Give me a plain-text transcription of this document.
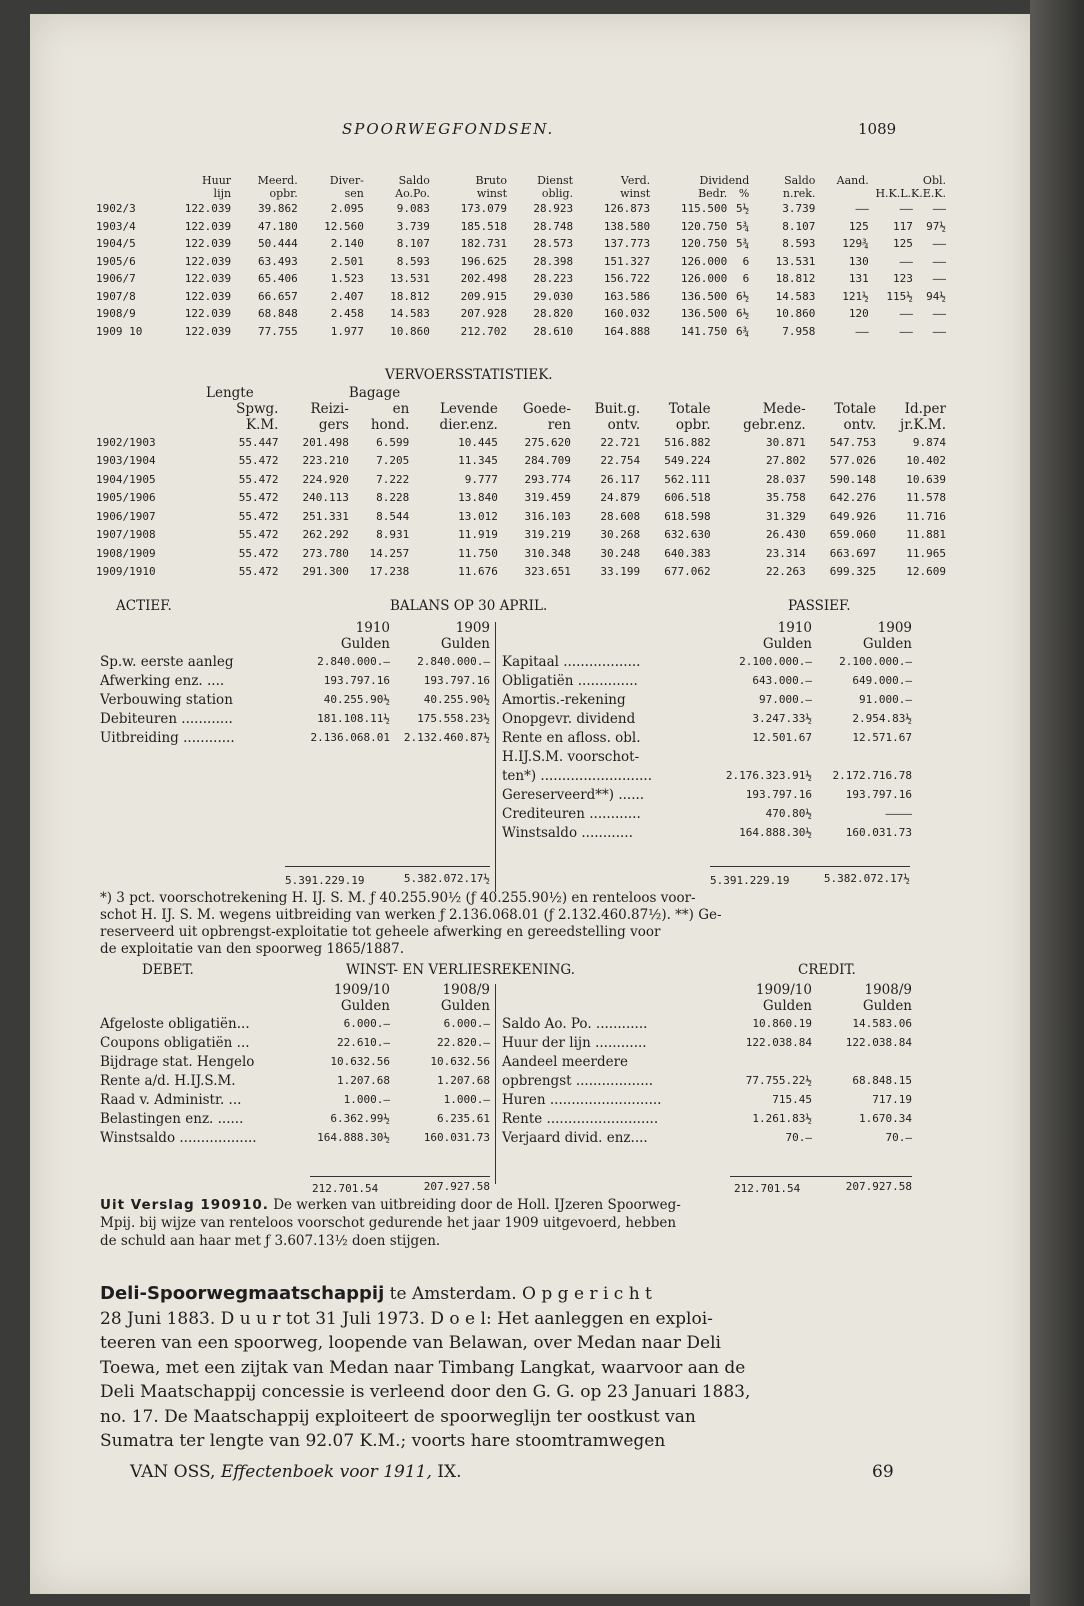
SPOORWEGFONDSEN.	1089
	Huur	Meerd.	Diver-	Saldo	Bruto	Dienst	Verd.	Dividend		Saldo	Aand.	Obl.	
	lijn	opbr.	sen	Ao.Po.	winst	oblig.	winst	Bedr.	%	n.rek.	H.K.L.K.E.K.		
1902/3	122.039	39.862	2.095	9.083	173.079	28.923	126.873	115.500	5½	3.739	——	——	——
1903/4	122.039	47.180	12.560	3.739	185.518	28.748	138.580	120.750	5¾	8.107	125	117	97½
1904/5	122.039	50.444	2.140	8.107	182.731	28.573	137.773	120.750	5¾	8.593	129¾	125	——
1905/6	122.039	63.493	2.501	8.593	196.625	28.398	151.327	126.000	6	13.531	130	——	——
1906/7	122.039	65.406	1.523	13.531	202.498	28.223	156.722	126.000	6	18.812	131	123	——
1907/8	122.039	66.657	2.407	18.812	209.915	29.030	163.586	136.500	6½	14.583	121½	115½	94½
1908/9	122.039	68.848	2.458	14.583	207.928	28.820	160.032	136.500	6½	10.860	120	——	——
1909 10	122.039	77.755	1.977	10.860	212.702	28.610	164.888	141.750	6¾	7.958	——	——	——
VERVOERSSTATISTIEK.
	Lengte		Bagage							
	Spwg.	Reizi-	en	Levende	Goede-	Buit.g.	Totale	Mede-	Totale	Id.per
	K.M.	gers	hond.	dier.enz.	ren	ontv.	opbr.	gebr.enz.	ontv.	jr.K.M.
1902/1903	55.447	201.498	6.599	10.445	275.620	22.721	516.882	30.871	547.753	9.874
1903/1904	55.472	223.210	7.205	11.345	284.709	22.754	549.224	27.802	577.026	10.402
1904/1905	55.472	224.920	7.222	9.777	293.774	26.117	562.111	28.037	590.148	10.639
1905/1906	55.472	240.113	8.228	13.840	319.459	24.879	606.518	35.758	642.276	11.578
1906/1907	55.472	251.331	8.544	13.012	316.103	28.608	618.598	31.329	649.926	11.716
1907/1908	55.472	262.292	8.931	11.919	319.219	30.268	632.630	26.430	659.060	11.881
1908/1909	55.472	273.780	14.257	11.750	310.348	30.248	640.383	23.314	663.697	11.965
1909/1910	55.472	291.300	17.238	11.676	323.651	33.199	677.062	22.263	699.325	12.609
ACTIEF.	BALANS OP 30 APRIL.	PASSIEF.
	1910	1909
	Gulden	Gulden
Sp.w. eerste aanleg	2.840.000.—	2.840.000.—
Afwerking enz. ....	193.797.16	193.797.16
Verbouwing station	40.255.90½	40.255.90½
Debiteuren ............	181.108.11½	175.558.23½
Uitbreiding ............	2.136.068.01	2.132.460.87½
	1910	1909
	Gulden	Gulden
Kapitaal ..................	2.100.000.—	2.100.000.—
Obligatiën ..............	643.000.—	649.000.—
Amortis.-rekening	97.000.—	91.000.—
Onopgevr. dividend	3.247.33½	2.954.83½
Rente en afloss. obl.	12.501.67	12.571.67
H.IJ.S.M. voorschot-		
ten*) ..........................	2.176.323.91½	2.172.716.78
Gereserveerd**) ......	193.797.16	193.797.16
Crediteuren ............	470.80½	————
Winstsaldo ............	164.888.30½	160.031.73
5.391.229.19	5.382.072.17½	5.391.229.19	5.382.072.17½
*) 3 pct. voorschotrekening H. IJ. S. M. ƒ 40.255.90½ (ƒ 40.255.90½) en renteloos voor-
schot H. IJ. S. M. wegens uitbreiding van werken ƒ 2.136.068.01 (ƒ 2.132.460.87½). **) Ge-
reserveerd uit opbrengst-exploitatie tot geheele afwerking en gereedstelling voor
de exploitatie van den spoorweg 1865/1887.
DEBET.	WINST- EN VERLIESREKENING.	CREDIT.
	1909/10	1908/9
	Gulden	Gulden
Afgeloste obligatiën...	6.000.—	6.000.—
Coupons obligatiën ...	22.610.—	22.820.—
Bijdrage stat. Hengelo	10.632.56	10.632.56
Rente a/d. H.IJ.S.M.	1.207.68	1.207.68
Raad v. Administr. ...	1.000.—	1.000.—
Belastingen enz. ......	6.362.99½	6.235.61
Winstsaldo ..................	164.888.30½	160.031.73
	1909/10	1908/9
	Gulden	Gulden
Saldo Ao. Po. ............	10.860.19	14.583.06
Huur der lijn ............	122.038.84	122.038.84
Aandeel meerdere		
opbrengst ..................	77.755.22½	68.848.15
Huren ..........................	715.45	717.19
Rente ..........................	1.261.83½	1.670.34
Verjaard divid. enz....	70.—	70.—
212.701.54	207.927.58	212.701.54	207.927.58
Uit Verslag 190910. De werken van uitbreiding door de Holl. IJzeren Spoorweg-
Mpij. bij wijze van renteloos voorschot gedurende het jaar 1909 uitgevoerd, hebben
de schuld aan haar met ƒ 3.607.13½ doen stijgen.
Deli-Spoorwegmaatschappij te Amsterdam. O p g e r i c h t
28 Juni 1883. D u u r tot 31 Juli 1973. D o e l: Het aanleggen en exploi-
teeren van een spoorweg, loopende van Belawan, over Medan naar Deli
Toewa, met een zijtak van Medan naar Timbang Langkat, waarvoor aan de
Deli Maatschappij concessie is verleend door den G. G. op 23 Januari 1883,
no. 17. De Maatschappij exploiteert de spoorweglijn ter oostkust van
Sumatra ter lengte van 92.07 K.M.; voorts hare stoomtramwegen
VAN OSS, Effectenboek voor 1911, IX.	69
